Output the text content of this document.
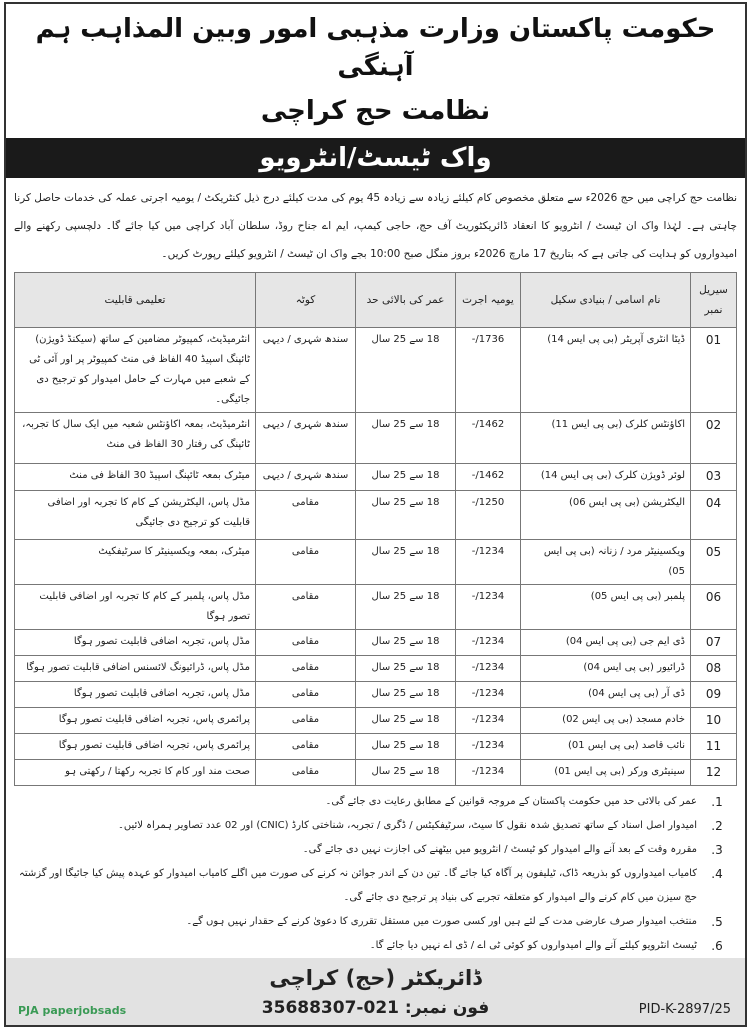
حکومت پاکستان وزارت مذہبی امور وبین المذاہب ہم آہنگی
نظامت حج کراچی
واک ٹیسٹ/انٹرویو
نظامت حج کراچی میں حج 2026ء سے متعلق مخصوص کام کیلئے زیادہ سے زیادہ 45 یوم کی مدت کیلئے درج ذیل کنٹریکٹ / یومیہ اجرتی عملہ کی خدمات حاصل کرنا چاہتی ہے۔ لہٰذا واک ان ٹیسٹ / انٹرویو کا انعقاد ڈائریکٹوریٹ آف حج، حاجی کیمپ، ایم اے جناح روڈ، سلطان آباد کراچی میں کیا جائے گا۔ دلچسپی رکھنے والے امیدواروں کو ہدایت کی جاتی ہے کہ بتاریخ 17 مارچ 2026ء بروز منگل صبح 10:00 بجے واک ان ٹیسٹ / انٹرویو کیلئے رپورٹ کریں۔
سیریل نمبر	نام اسامی / بنیادی سکیل	یومیہ اجرت	عمر کی بالائی حد	کوٹہ	تعلیمی قابلیت
01	ڈیٹا انٹری آپریٹر (بی پی ایس 14)	1736/-	18 سے 25 سال	سندھ شہری / دیہی	انٹرمیڈیٹ، کمپیوٹر مضامین کے ساتھ (سیکنڈ ڈویژن) ٹائپنگ اسپیڈ 40 الفاظ فی منٹ کمپیوٹر پر اور آئی ٹی کے شعبے میں مہارت کے حامل امیدوار کو ترجیح دی جائیگی۔
02	اکاؤنٹس کلرک (بی پی ایس 11)	1462/-	18 سے 25 سال	سندھ شہری / دیہی	انٹرمیڈیٹ، بمعہ اکاؤنٹس شعبہ میں ایک سال کا تجربہ، ٹائپنگ کی رفتار 30 الفاظ فی منٹ
03	لوئر ڈویژن کلرک (بی پی ایس 14)	1462/-	18 سے 25 سال	سندھ شہری / دیہی	میٹرک بمعہ ٹائپنگ اسپیڈ 30 الفاظ فی منٹ
04	الیکٹریشن (بی پی ایس 06)	1250/-	18 سے 25 سال	مقامی	مڈل پاس، الیکٹریشن کے کام کا تجربہ اور اضافی قابلیت کو ترجیح دی جائیگی
05	ویکسینیٹر مرد / زنانہ (بی پی ایس 05)	1234/-	18 سے 25 سال	مقامی	میٹرک، بمعہ ویکسینیٹر کا سرٹیفکیٹ
06	پلمبر (بی پی ایس 05)	1234/-	18 سے 25 سال	مقامی	مڈل پاس، پلمبر کے کام کا تجربہ اور اضافی قابلیت تصور ہوگا
07	ڈی ایم جی (بی پی ایس 04)	1234/-	18 سے 25 سال	مقامی	مڈل پاس، تجربہ اضافی قابلیت تصور ہوگا
08	ڈرائیور (بی پی ایس 04)	1234/-	18 سے 25 سال	مقامی	مڈل پاس، ڈرائیونگ لائسنس اضافی قابلیت تصور ہوگا
09	ڈی آر (بی پی ایس 04)	1234/-	18 سے 25 سال	مقامی	مڈل پاس، تجربہ اضافی قابلیت تصور ہوگا
10	خادم مسجد (بی پی ایس 02)	1234/-	18 سے 25 سال	مقامی	پرائمری پاس، تجربہ اضافی قابلیت تصور ہوگا
11	نائب قاصد (بی پی ایس 01)	1234/-	18 سے 25 سال	مقامی	پرائمری پاس، تجربہ اضافی قابلیت تصور ہوگا
12	سینیٹری ورکر (بی پی ایس 01)	1234/-	18 سے 25 سال	مقامی	صحت مند اور کام کا تجربہ رکھتا / رکھتی ہو
1.
عمر کی بالائی حد میں حکومت پاکستان کے مروجہ قوانین کے مطابق رعایت دی جائے گی۔
2.
امیدوار اصل اسناد کے ساتھ تصدیق شدہ نقول کا سیٹ، سرٹیفکیٹس / ڈگری / تجربہ، شناختی کارڈ (CNIC) اور 02 عدد تصاویر ہمراہ لائیں۔
3.
مقررہ وقت کے بعد آنے والے امیدوار کو ٹیسٹ / انٹرویو میں بیٹھنے کی اجازت نہیں دی جائے گی۔
4.
کامیاب امیدواروں کو بذریعہ ڈاک، ٹیلیفون پر آگاہ کیا جائے گا۔ تین دن کے اندر جوائن نہ کرنے کی صورت میں اگلے کامیاب امیدوار کو عہدہ پیش کیا جائیگا اور گزشتہ حج سیزن میں کام کرنے والے امیدوار کو متعلقہ تجربے کی بنیاد پر ترجیح دی جائے گی۔
5.
منتخب امیدوار صرف عارضی مدت کے لئے ہیں اور کسی صورت میں مستقل تقرری کا دعویٰ کرنے کے حقدار نہیں ہوں گے۔
6.
ٹیسٹ انٹرویو کیلئے آنے والے امیدواروں کو کوئی ٹی اے / ڈی اے نہیں دیا جائے گا۔
ڈائریکٹر (حج) کراچی
فون نمبر: 021-35688307
PJA paperjobsads	PID-K-2897/25
